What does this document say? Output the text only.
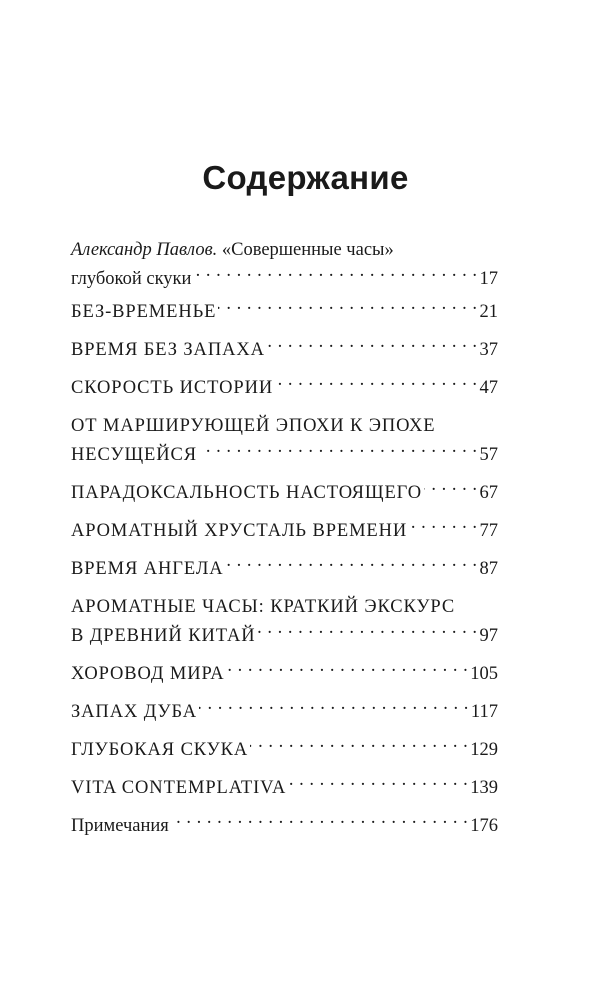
Содержание
Александр Павлов. «Совершенные часы»
глубокой скуки . . .	17
БЕЗ-ВРЕМЕНЬЕ . . .	21
ВРЕМЯ БЕЗ ЗАПАХА . . .	37
СКОРОСТЬ ИСТОРИИ . . .	47
ОТ МАРШИРУЮЩЕЙ ЭПОХИ К ЭПОХЕ
НЕСУЩЕЙСЯ . . .	57
ПАРАДОКСАЛЬНОСТЬ НАСТОЯЩЕГО . . .	67
АРОМАТНЫЙ ХРУСТАЛЬ ВРЕМЕНИ . . .	77
ВРЕМЯ АНГЕЛА . . .	87
АРОМАТНЫЕ ЧАСЫ: КРАТКИЙ ЭКСКУРС
В ДРЕВНИЙ КИТАЙ . . .	97
ХОРОВОД МИРА . . .	105
ЗАПАХ ДУБА . . .	117
ГЛУБОКАЯ СКУКА . . .	129
VITA CONTEMPLATIVA . . .	139
Примечания . . .	176
